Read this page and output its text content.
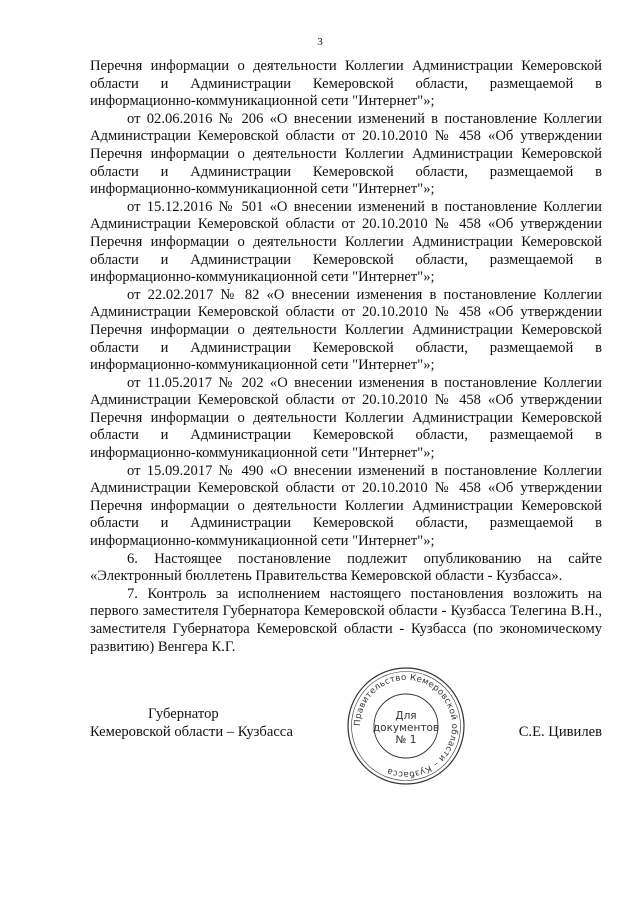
3

Перечня информации о деятельности Коллегии Администрации Кемеровской области и Администрации Кемеровской области, размещаемой в информационно-коммуникационной сети "Интернет"»;

от 02.06.2016 № 206 «О внесении изменений в постановление Коллегии Администрации Кемеровской области от 20.10.2010 № 458 «Об утверждении Перечня информации о деятельности Коллегии Администрации Кемеровской области и Администрации Кемеровской области, размещаемой в информационно-коммуникационной сети "Интернет"»;

от 15.12.2016 № 501 «О внесении изменений в постановление Коллегии Администрации Кемеровской области от 20.10.2010 № 458 «Об утверждении Перечня информации о деятельности Коллегии Администрации Кемеровской области и Администрации Кемеровской области, размещаемой в информационно-коммуникационной сети "Интернет"»;

от 22.02.2017 № 82 «О внесении изменения в постановление Коллегии Администрации Кемеровской области от 20.10.2010 № 458 «Об утверждении Перечня информации о деятельности Коллегии Администрации Кемеровской области и Администрации Кемеровской области, размещаемой в информационно-коммуникационной сети "Интернет"»;

от 11.05.2017 № 202 «О внесении изменения в постановление Коллегии Администрации Кемеровской области от 20.10.2010 № 458 «Об утверждении Перечня информации о деятельности Коллегии Администрации Кемеровской области и Администрации Кемеровской области, размещаемой в информационно-коммуникационной сети "Интернет"»;

от 15.09.2017 № 490 «О внесении изменений в постановление Коллегии Администрации Кемеровской области от 20.10.2010 № 458 «Об утверждении Перечня информации о деятельности Коллегии Администрации Кемеровской области и Администрации Кемеровской области, размещаемой в информационно-коммуникационной сети "Интернет"»;

6. Настоящее постановление подлежит опубликованию на сайте «Электронный бюллетень Правительства Кемеровской области - Кузбасса».

7. Контроль за исполнением настоящего постановления возложить на первого заместителя Губернатора Кемеровской области - Кузбасса Телегина В.Н., заместителя Губернатора Кемеровской области - Кузбасса (по экономическому развитию) Венгера К.Г.

Губернатор
Кемеровской области – Кузбасса
Правительство Кемеровской области – Кузбасса
Для
документов
№ 1
С.Е. Цивилев
